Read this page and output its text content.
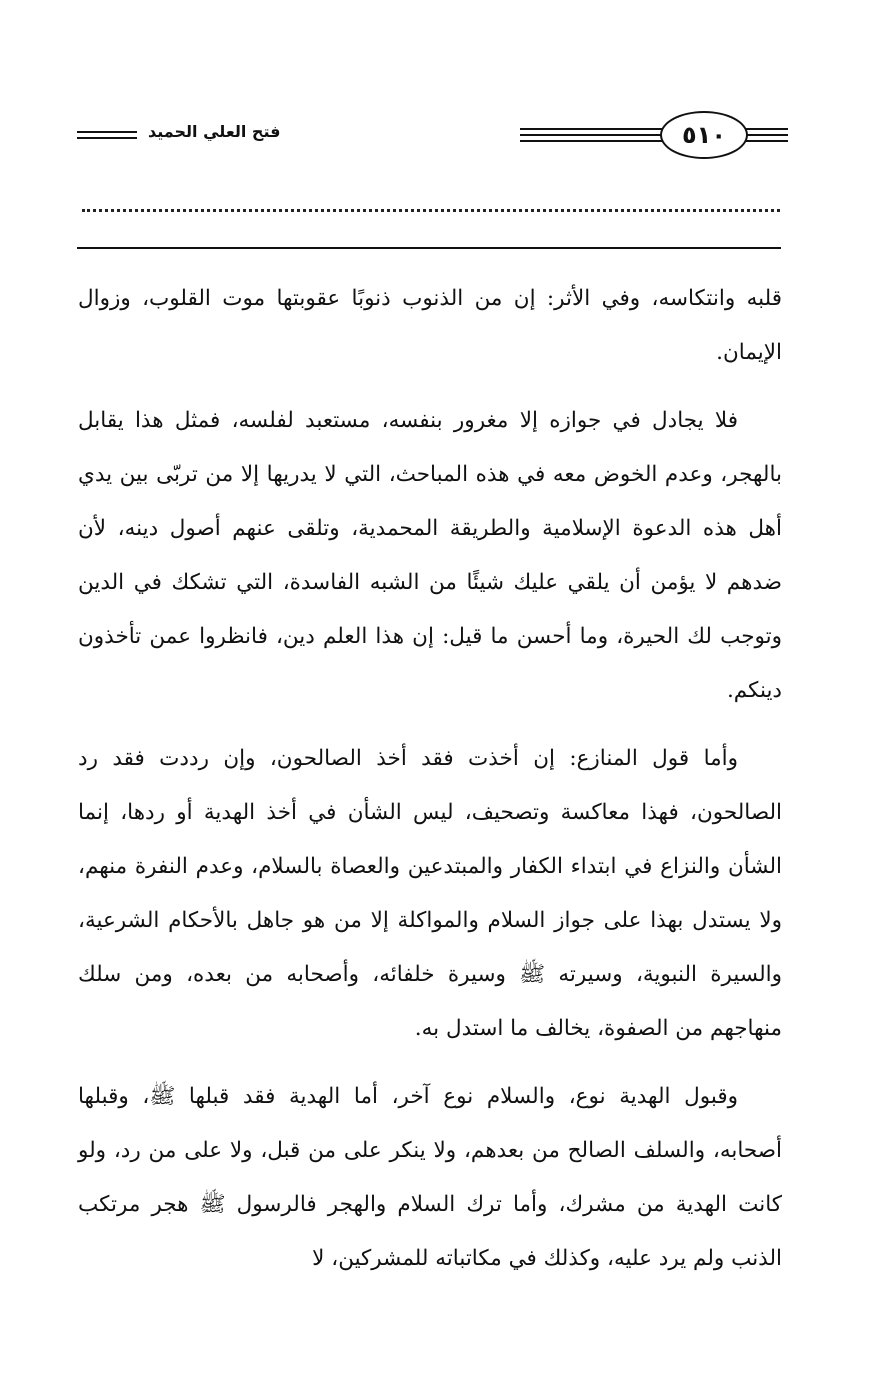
فتح العلي الحميد	٥١٠

قلبه وانتكاسه، وفي الأثر: إن من الذنوب ذنوبًا عقوبتها موت القلوب، وزوال الإيمان.

فلا يجادل في جوازه إلا مغرور بنفسه، مستعبد لفلسه، فمثل هذا يقابل بالهجر، وعدم الخوض معه في هذه المباحث، التي لا يدريها إلا من تربّى بين يدي أهل هذه الدعوة الإسلامية والطريقة المحمدية، وتلقى عنهم أصول دينه، لأن ضدهم لا يؤمن أن يلقي عليك شيئًا من الشبه الفاسدة، التي تشكك في الدين وتوجب لك الحيرة، وما أحسن ما قيل: إن هذا العلم دين، فانظروا عمن تأخذون دينكم.

وأما قول المنازع: إن أخذت فقد أخذ الصالحون، وإن رددت فقد رد الصالحون، فهذا معاكسة وتصحيف، ليس الشأن في أخذ الهدية أو ردها، إنما الشأن والنزاع في ابتداء الكفار والمبتدعين والعصاة بالسلام، وعدم النفرة منهم، ولا يستدل بهذا على جواز السلام والمواكلة إلا من هو جاهل بالأحكام الشرعية، والسيرة النبوية، وسيرته ﷺ وسيرة خلفائه، وأصحابه من بعده، ومن سلك منهاجهم من الصفوة، يخالف ما استدل به.

وقبول الهدية نوع، والسلام نوع آخر، أما الهدية فقد قبلها ﷺ، وقبلها أصحابه، والسلف الصالح من بعدهم، ولا ينكر على من قبل، ولا على من رد، ولو كانت الهدية من مشرك، وأما ترك السلام والهجر فالرسول ﷺ هجر مرتكب الذنب ولم يرد عليه، وكذلك في مكاتباته للمشركين، لا
